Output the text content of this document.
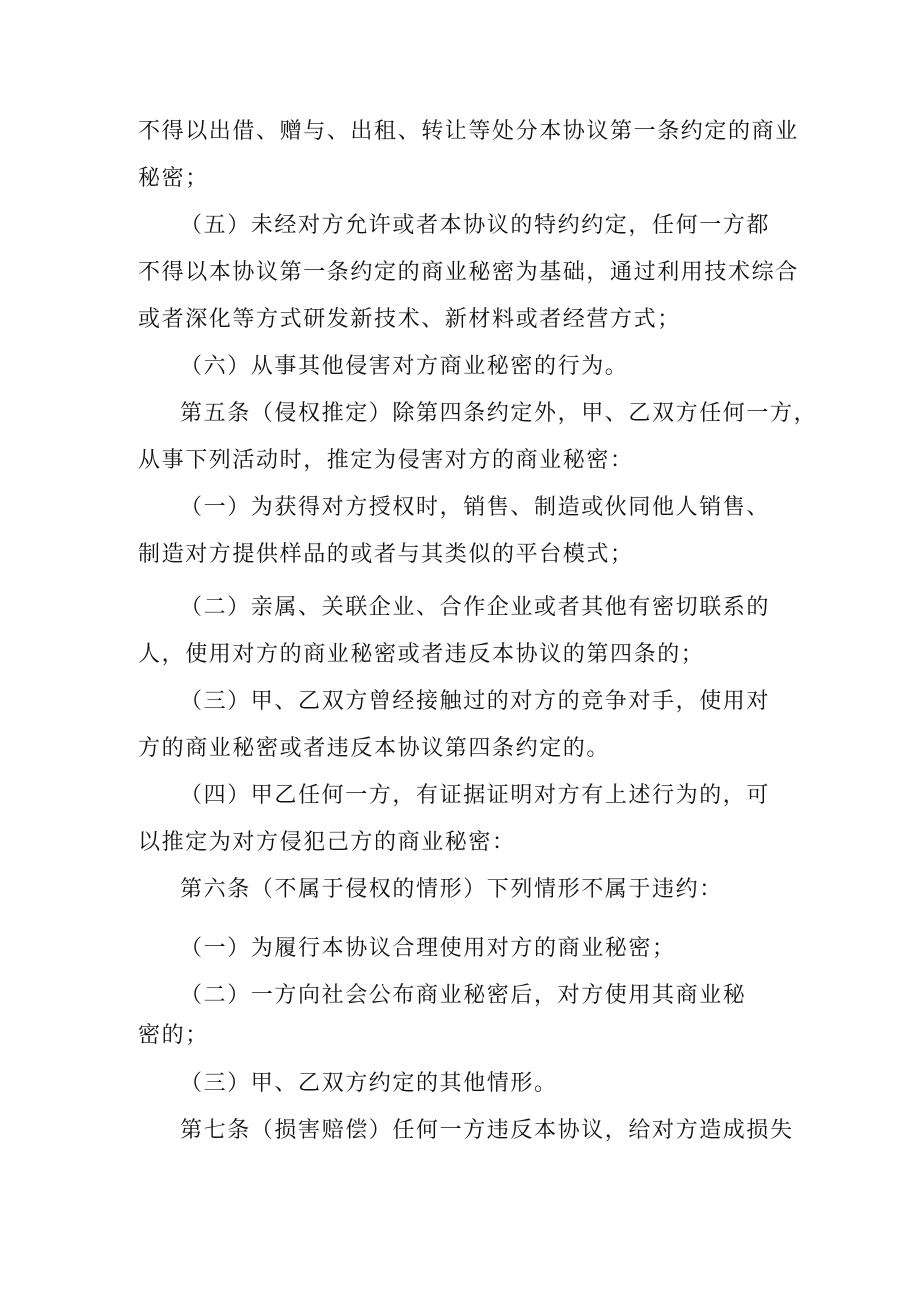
不得以出借、赠与、出租、转让等处分本协议第一条约定的商业
秘密；
（五）未经对方允许或者本协议的特约约定，任何一方都
不得以本协议第一条约定的商业秘密为基础，通过利用技术综合
或者深化等方式研发新技术、新材料或者经营方式；
（六）从事其他侵害对方商业秘密的行为。
第五条（侵权推定）除第四条约定外，甲、乙双方任何一方，
从事下列活动时，推定为侵害对方的商业秘密：
（一）为获得对方授权时，销售、制造或伙同他人销售、
制造对方提供样品的或者与其类似的平台模式；
（二）亲属、关联企业、合作企业或者其他有密切联系的
人，使用对方的商业秘密或者违反本协议的第四条的；
（三）甲、乙双方曾经接触过的对方的竞争对手，使用对
方的商业秘密或者违反本协议第四条约定的。
（四）甲乙任何一方，有证据证明对方有上述行为的，可
以推定为对方侵犯己方的商业秘密：
第六条（不属于侵权的情形）下列情形不属于违约：
（一）为履行本协议合理使用对方的商业秘密；
（二）一方向社会公布商业秘密后，对方使用其商业秘
密的；
（三）甲、乙双方约定的其他情形。
第七条（损害赔偿）任何一方违反本协议，给对方造成损失
